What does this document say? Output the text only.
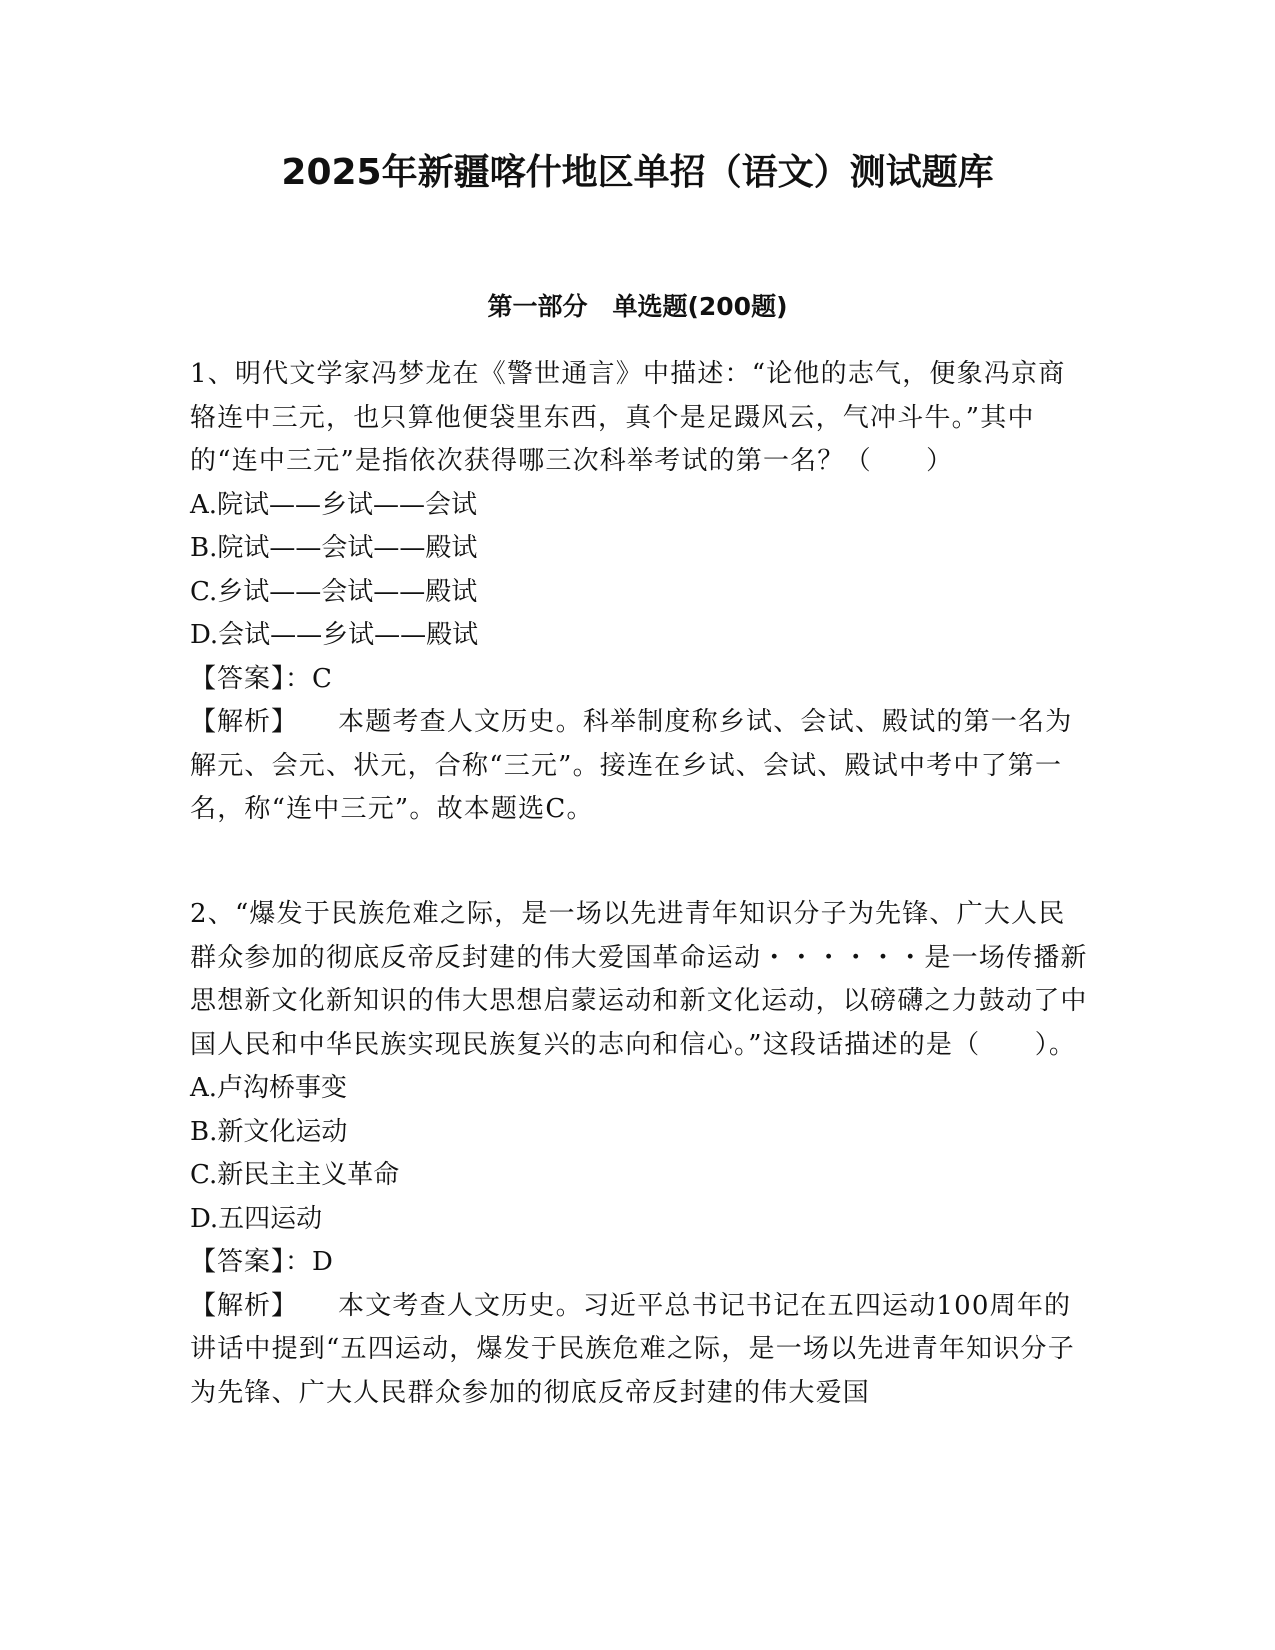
2025年新疆喀什地区单招（语文）测试题库
第一部分　单选题(200题)

1、明代文学家冯梦龙在《警世通言》中描述：“论他的志气，便象冯京商辂连中三元，也只算他便袋里东西，真个是足蹑风云，气冲斗牛。”其中的“连中三元”是指依次获得哪三次科举考试的第一名？（　　）

A.院试——乡试——会试

B.院试——会试——殿试

C.乡试——会试——殿试

D.会试——乡试——殿试

【答案】：C

【解析】 本题考查人文历史。科举制度称乡试、会试、殿试的第一名为解元、会元、状元，合称“三元”。接连在乡试、会试、殿试中考中了第一名，称“连中三元”。故本题选C。

2、“爆发于民族危难之际，是一场以先进青年知识分子为先锋、广大人民群众参加的彻底反帝反封建的伟大爱国革命运动・・・・・・是一场传播新思想新文化新知识的伟大思想启蒙运动和新文化运动，以磅礴之力鼓动了中国人民和中华民族实现民族复兴的志向和信心。”这段话描述的是（　　）。

A.卢沟桥事变

B.新文化运动

C.新民主主义革命

D.五四运动

【答案】：D

【解析】 本文考查人文历史。习近平总书记书记在五四运动100周年的讲话中提到“五四运动，爆发于民族危难之际，是一场以先进青年知识分子为先锋、广大人民群众参加的彻底反帝反封建的伟大爱国
